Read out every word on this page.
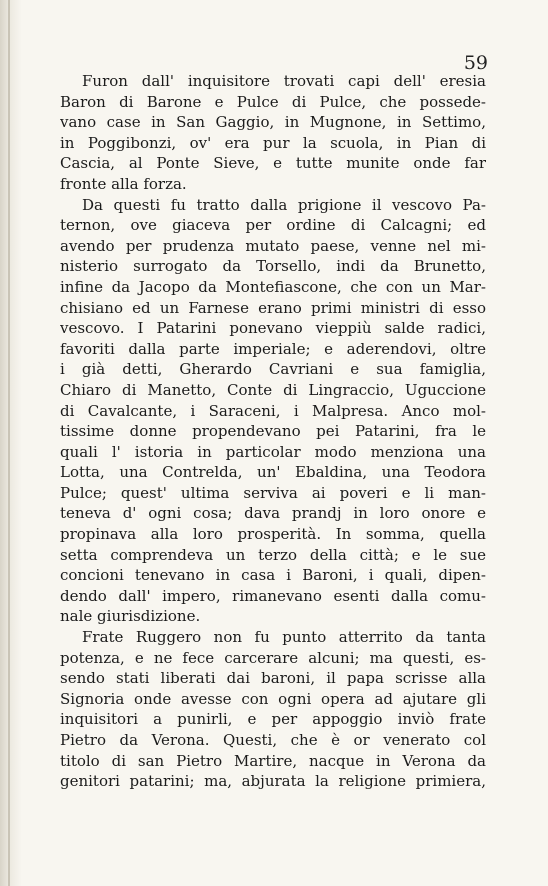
59
Furon dall' inquisitore trovati capi dell' eresia
Baron di Barone e Pulce di Pulce, che possede-
vano case in San Gaggio, in Mugnone, in Settimo,
in Poggibonzi, ov' era pur la scuola, in Pian di
Cascia, al Ponte Sieve, e tutte munite onde far
fronte alla forza.
Da questi fu tratto dalla prigione il vescovo Pa-
ternon, ove giaceva per ordine di Calcagni; ed
avendo per prudenza mutato paese, venne nel mi-
nisterio surrogato da Torsello, indi da Brunetto,
infine da Jacopo da Montefiascone, che con un Mar-
chisiano ed un Farnese erano primi ministri di esso
vescovo. I Patarini ponevano vieppiù salde radici,
favoriti dalla parte imperiale; e aderendovi, oltre
i già detti, Gherardo Cavriani e sua famiglia,
Chiaro di Manetto, Conte di Lingraccio, Uguccione
di Cavalcante, i Saraceni, i Malpresa. Anco mol-
tissime donne propendevano pei Patarini, fra le
quali l' istoria in particolar modo menziona una
Lotta, una Contrelda, un' Ebaldina, una Teodora
Pulce; quest' ultima serviva ai poveri e li man-
teneva d' ogni cosa; dava prandj in loro onore e
propinava alla loro prosperità. In somma, quella
setta comprendeva un terzo della città; e le sue
concioni tenevano in casa i Baroni, i quali, dipen-
dendo dall' impero, rimanevano esenti dalla comu-
nale giurisdizione.
Frate Ruggero non fu punto atterrito da tanta
potenza, e ne fece carcerare alcuni; ma questi, es-
sendo stati liberati dai baroni, il papa scrisse alla
Signoria onde avesse con ogni opera ad ajutare gli
inquisitori a punirli, e per appoggio inviò frate
Pietro da Verona. Questi, che è or venerato col
titolo di san Pietro Martire, nacque in Verona da
genitori patarini; ma, abjurata la religione primiera,
